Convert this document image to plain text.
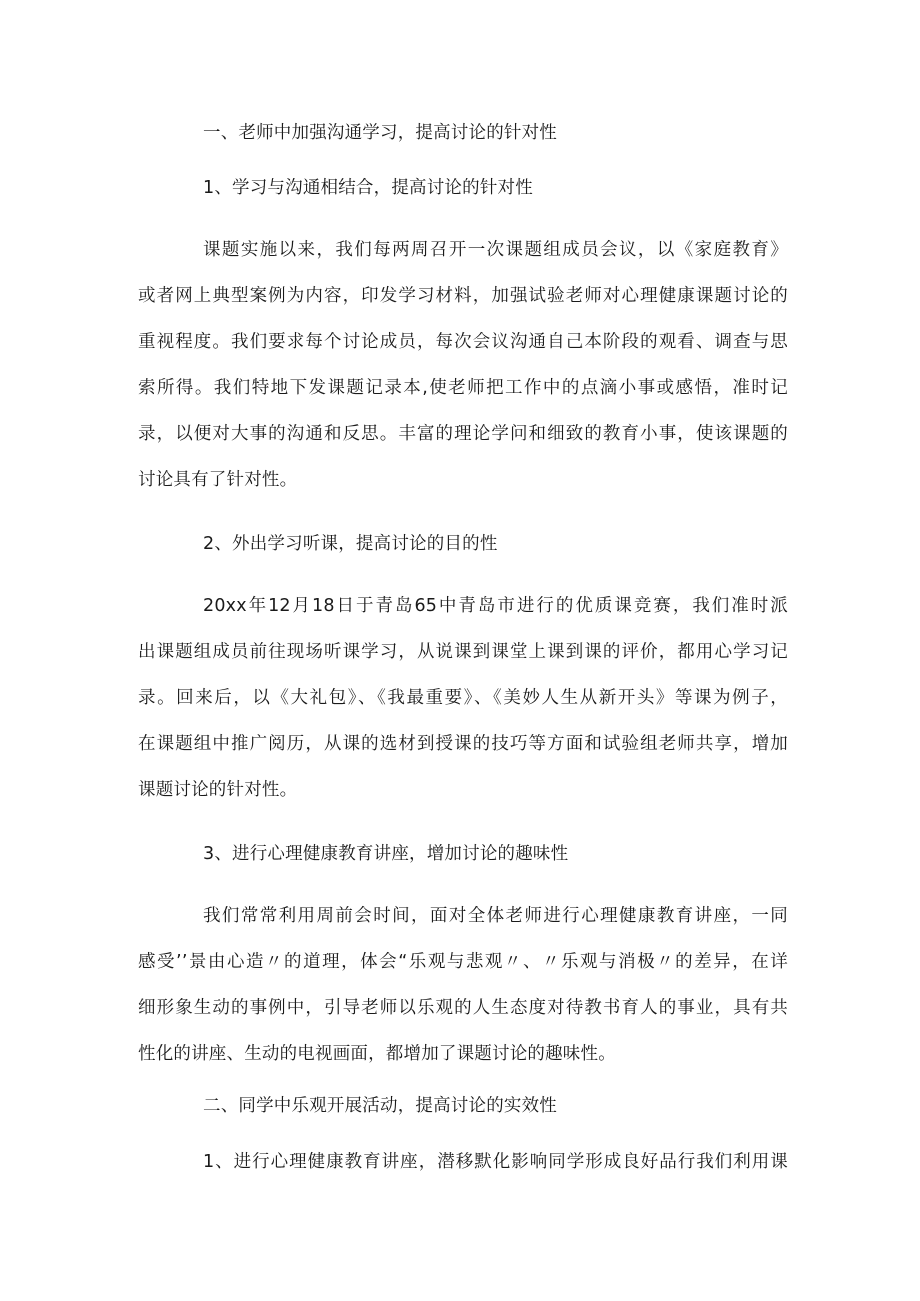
一、老师中加强沟通学习，提高讨论的针对性
1、学习与沟通相结合，提高讨论的针对性
课题实施以来，我们每两周召开一次课题组成员会议，以《家庭教育》
或者网上典型案例为内容，印发学习材料，加强试验老师对心理健康课题讨论的
重视程度。我们要求每个讨论成员，每次会议沟通自己本阶段的观看、调查与思
索所得。我们特地下发课题记录本,使老师把工作中的点滴小事或感悟，准时记
录，以便对大事的沟通和反思。丰富的理论学问和细致的教育小事，使该课题的
讨论具有了针对性。
2、外出学习听课，提高讨论的目的性
20xx年12月18日于青岛65中青岛市进行的优质课竞赛，我们准时派
出课题组成员前往现场听课学习，从说课到课堂上课到课的评价，都用心学习记
录。回来后，以《大礼包》、《我最重要》、《美妙人生从新开头》等课为例子，
在课题组中推广阅历，从课的选材到授课的技巧等方面和试验组老师共享，增加
课题讨论的针对性。
3、进行心理健康教育讲座，增加讨论的趣味性
我们常常利用周前会时间，面对全体老师进行心理健康教育讲座，一同
感受’’景由心造〃的道理，体会“乐观与悲观〃、〃乐观与消极〃的差异，在详
细形象生动的事例中，引导老师以乐观的人生态度对待教书育人的事业，具有共
性化的讲座、生动的电视画面，都增加了课题讨论的趣味性。
二、同学中乐观开展活动，提高讨论的实效性
1、进行心理健康教育讲座，潜移默化影响同学形成良好品行我们利用课
